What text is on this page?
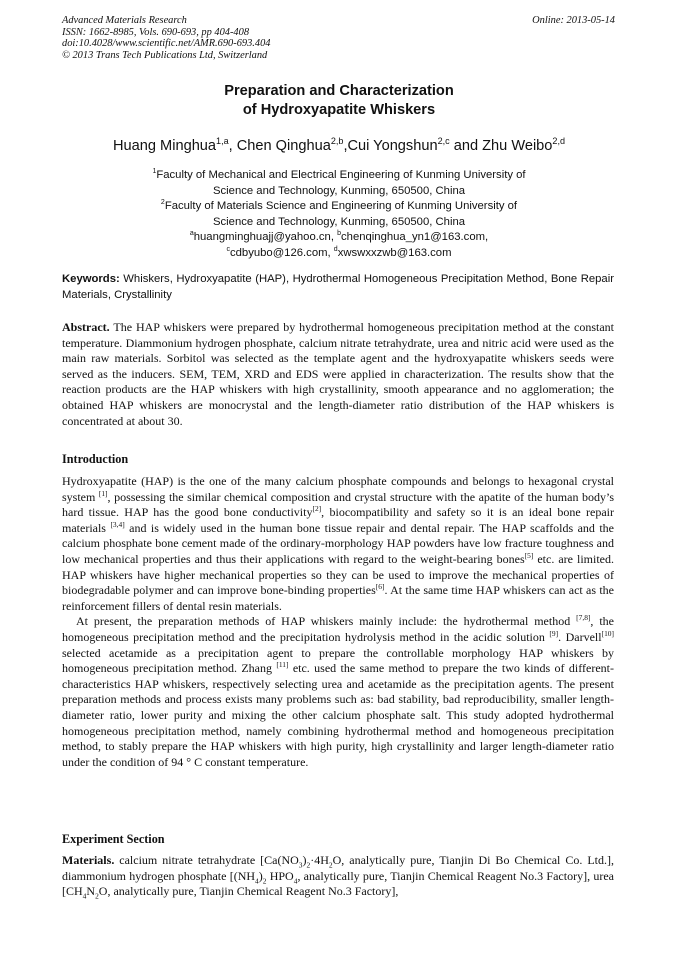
Advanced Materials Research
ISSN: 1662-8985, Vols. 690-693, pp 404-408
doi:10.4028/www.scientific.net/AMR.690-693.404
© 2013 Trans Tech Publications Ltd, Switzerland
Online: 2013-05-14
Preparation and Characterization
of Hydroxyapatite Whiskers
Huang Minghua$^{1,a}$, Chen Qinghua$^{2,b}$,Cui Yongshun$^{2,c}$ and Zhu Weibo$^{2,d}$
$^1$Faculty of Mechanical and Electrical Engineering of Kunming University of
Science and Technology, Kunming, 650500, China
$^2$Faculty of Materials Science and Engineering of Kunming University of
Science and Technology, Kunming, 650500, China
$^a$huangminghuajj@yahoo.cn, $^b$chenqinghua_yn1@163.com,
$^c$cdbyubo@126.com, $^d$xwswxxzwb@163.com
Keywords: Whiskers, Hydroxyapatite (HAP), Hydrothermal Homogeneous Precipitation Method, Bone Repair Materials, Crystallinity
Abstract. The HAP whiskers were prepared by hydrothermal homogeneous precipitation method at the constant temperature. Diammonium hydrogen phosphate, calcium nitrate tetrahydrate, urea and nitric acid were used as the main raw materials. Sorbitol was selected as the template agent and the hydroxyapatite whiskers seeds were served as the inducers. SEM, TEM, XRD and EDS were applied in characterization. The results show that the reaction products are the HAP whiskers with high crystallinity, smooth appearance and no agglomeration; the obtained HAP whiskers are monocrystal and the length-diameter ratio distribution of the HAP whiskers is concentrated at about 30.
Introduction

Hydroxyapatite (HAP) is the one of the many calcium phosphate compounds and belongs to hexagonal crystal system [1], possessing the similar chemical composition and crystal structure with the apatite of the human body’s hard tissue. HAP has the good bone conductivity[2], biocompatibility and safety so it is an ideal bone repair materials [3,4] and is widely used in the human bone tissue repair and dental repair. The HAP scaffolds and the calcium phosphate bone cement made of the ordinary-morphology HAP powders have low fracture toughness and low mechanical properties and thus their applications with regard to the weight-bearing bones[5] etc. are limited. HAP whiskers have higher mechanical properties so they can be used to improve the mechanical properties of biodegradable polymer and can improve bone-binding properties[6]. At the same time HAP whiskers can act as the reinforcement fillers of dental resin materials.

At present, the preparation methods of HAP whiskers mainly include: the hydrothermal method [7,8], the homogeneous precipitation method and the precipitation hydrolysis method in the acidic solution [9]. Darvell[10] selected acetamide as a precipitation agent to prepare the controllable morphology HAP whiskers by homogeneous precipitation method. Zhang [11] etc. used the same method to prepare the two kinds of different-characteristics HAP whiskers, respectively selecting urea and acetamide as the precipitation agents. The present preparation methods and process exists many problems such as: bad stability, bad reproducibility, smaller length-diameter ratio, lower purity and mixing the other calcium phosphate salt. This study adopted hydrothermal homogeneous precipitation method, namely combining hydrothermal method and homogeneous precipitation method, to stably prepare the HAP whiskers with high purity, high crystallinity and larger length-diameter ratio under the condition of 94 ° C constant temperature.

Experiment Section

Materials. calcium nitrate tetrahydrate [$Ca(NO_3)_2\cdot 4H_2O$, analytically pure, Tianjin Di Bo Chemical Co. Ltd.], diammonium hydrogen phosphate [$(NH_4)_2$ $HPO_4$, analytically pure, Tianjin Chemical Reagent No.3 Factory], urea [$CH_4N_2O$, analytically pure, Tianjin Chemical Reagent No.3 Factory],
